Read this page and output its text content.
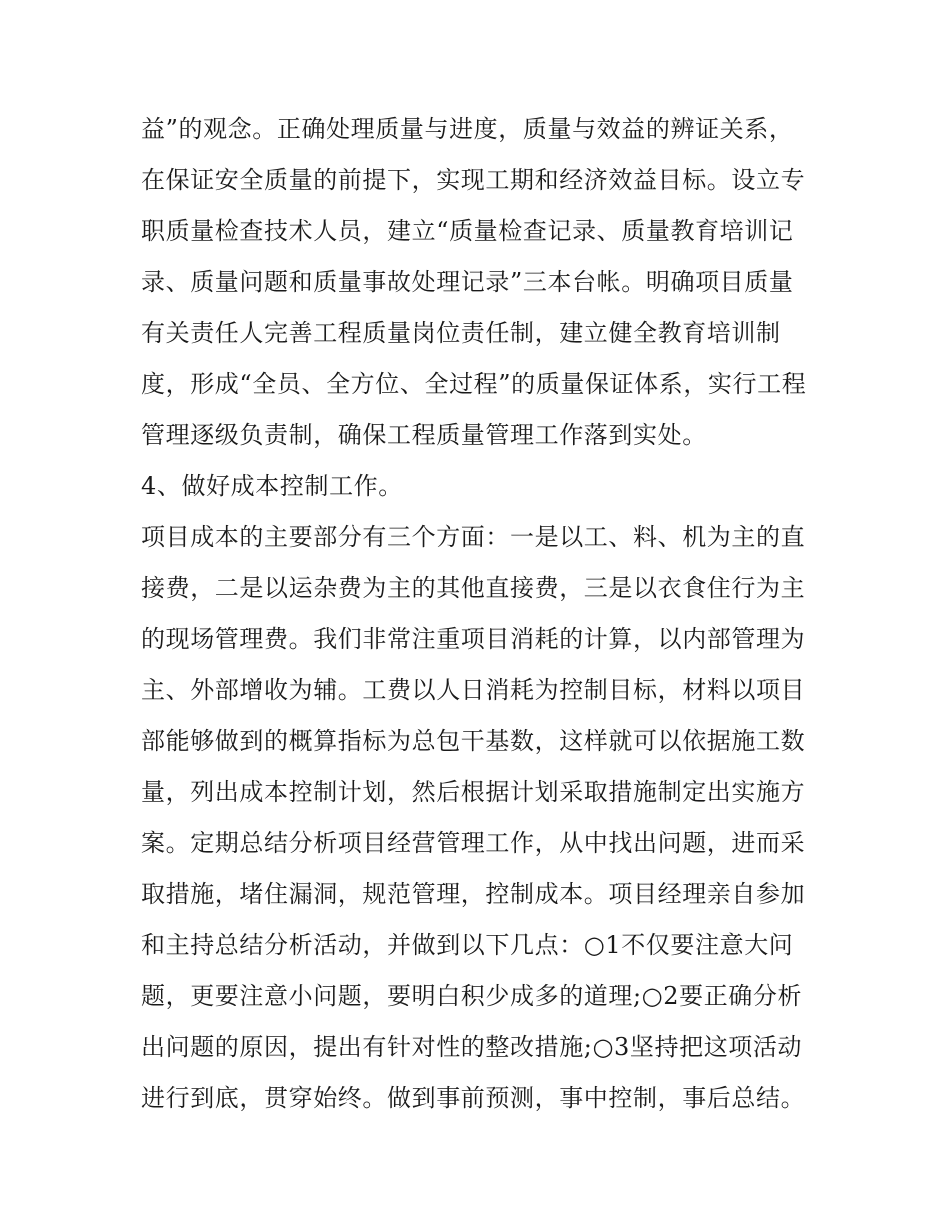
益”的观念。正确处理质量与进度，质量与效益的辨证关系，
在保证安全质量的前提下，实现工期和经济效益目标。设立专
职质量检查技术人员，建立“质量检查记录、质量教育培训记
录、质量问题和质量事故处理记录”三本台帐。明确项目质量
有关责任人完善工程质量岗位责任制，建立健全教育培训制
度，形成“全员、全方位、全过程”的质量保证体系，实行工程
管理逐级负责制，确保工程质量管理工作落到实处。
4、做好成本控制工作。
项目成本的主要部分有三个方面：一是以工、料、机为主的直
接费，二是以运杂费为主的其他直接费，三是以衣食住行为主
的现场管理费。我们非常注重项目消耗的计算，以内部管理为
主、外部增收为辅。工费以人日消耗为控制目标，材料以项目
部能够做到的概算指标为总包干基数，这样就可以依据施工数
量，列出成本控制计划，然后根据计划采取措施制定出实施方
案。定期总结分析项目经营管理工作，从中找出问题，进而采
取措施，堵住漏洞，规范管理，控制成本。项目经理亲自参加
和主持总结分析活动，并做到以下几点：○1不仅要注意大问
题，更要注意小问题，要明白积少成多的道理;○2要正确分析
出问题的原因，提出有针对性的整改措施;○3坚持把这项活动
进行到底，贯穿始终。做到事前预测，事中控制，事后总结。
